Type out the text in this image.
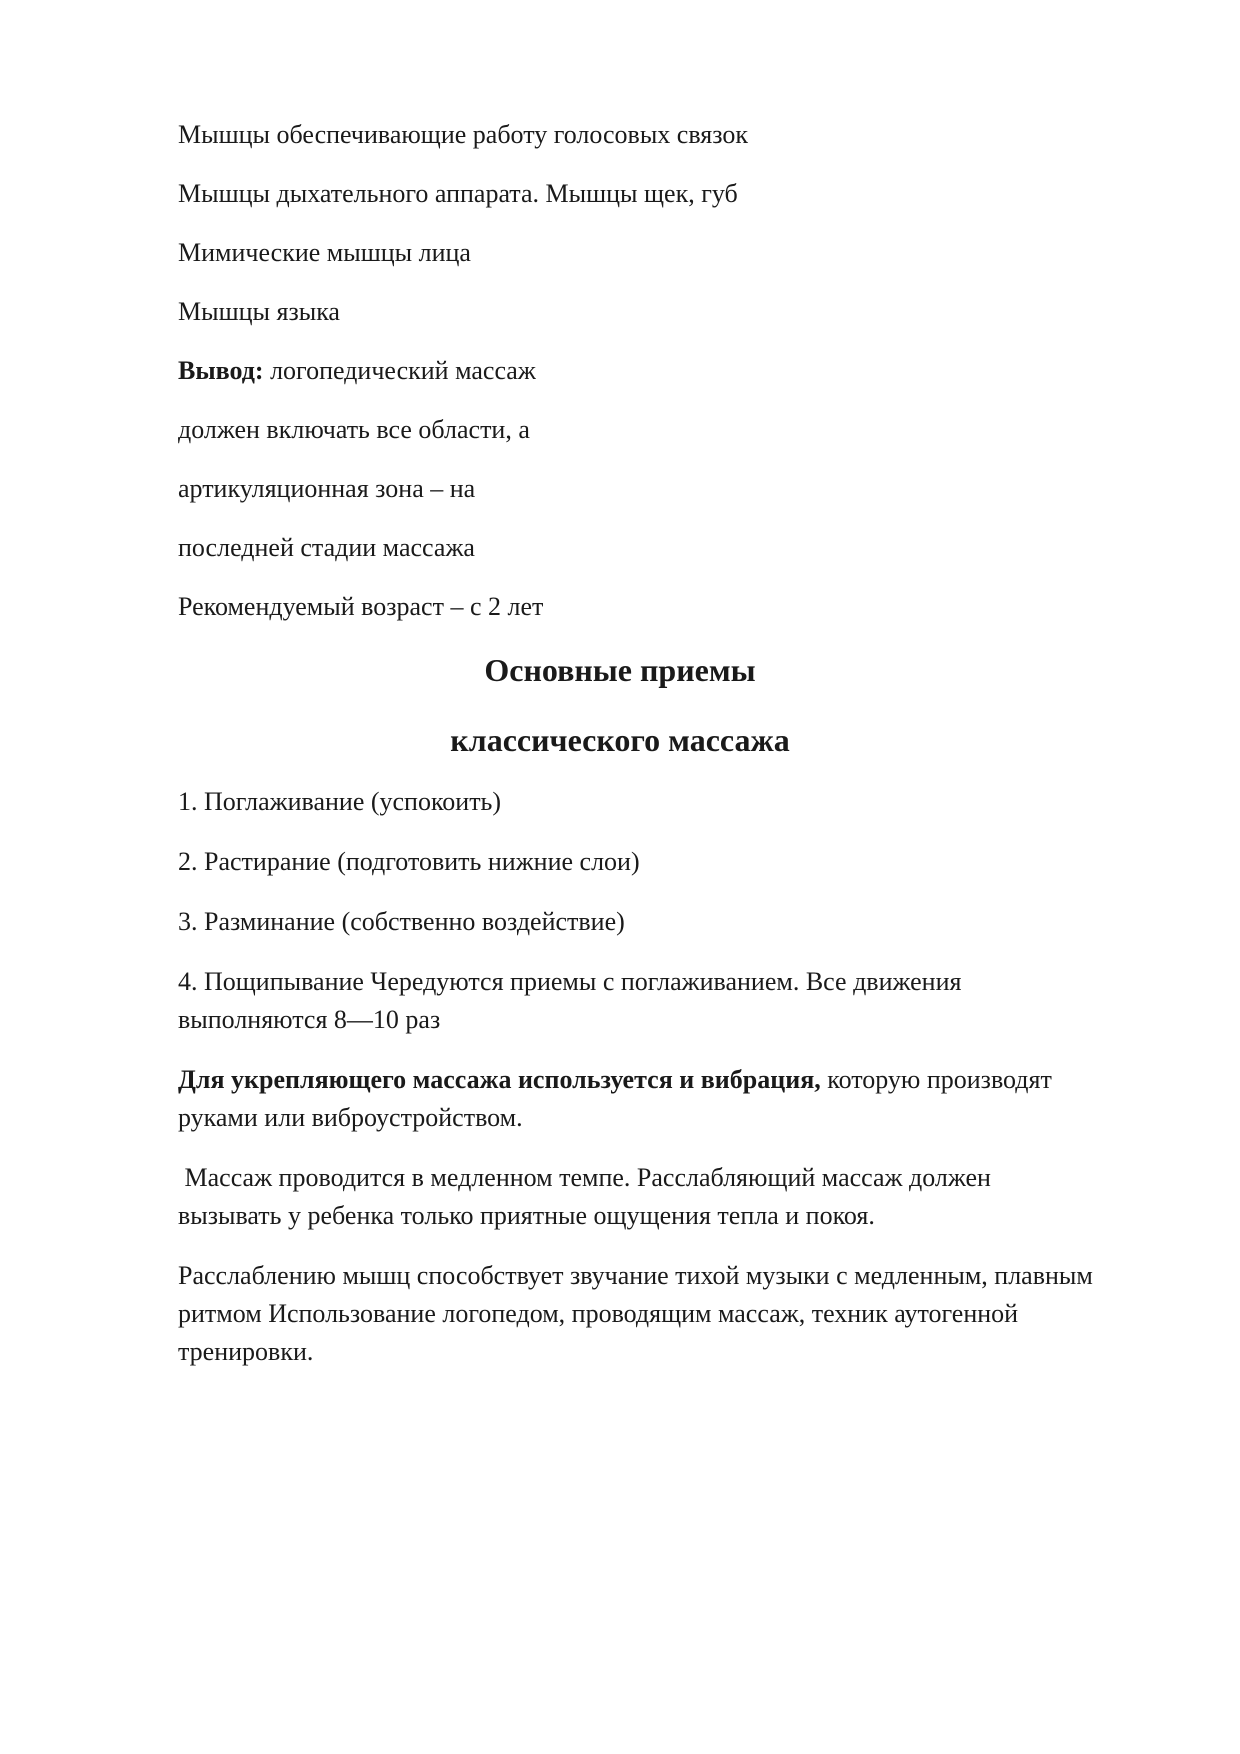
Мышцы обеспечивающие работу голосовых связок

Мышцы дыхательного аппарата. Мышцы щек, губ

Мимические мышцы лица

Мышцы языка

Вывод: логопедический массаж

должен включать все области, а

артикуляционная зона – на

последней стадии массажа

Рекомендуемый возраст – с 2 лет

Основные приемы
классического массажа

1. Поглаживание (успокоить)

2. Растирание (подготовить нижние слои)

3. Разминание (собственно воздействие)

4. Пощипывание Чередуются приемы с поглаживанием. Все движения выполняются 8—10 раз

Для укрепляющего массажа используется и вибрация, которую производят руками или виброустройством.

Массаж проводится в медленном темпе. Расслабляющий массаж должен вызывать у ребенка только приятные ощущения тепла и покоя.

Расслаблению мышц способствует звучание тихой музыки с медленным, плавным ритмом Использование логопедом, проводящим массаж, техник аутогенной тренировки.
